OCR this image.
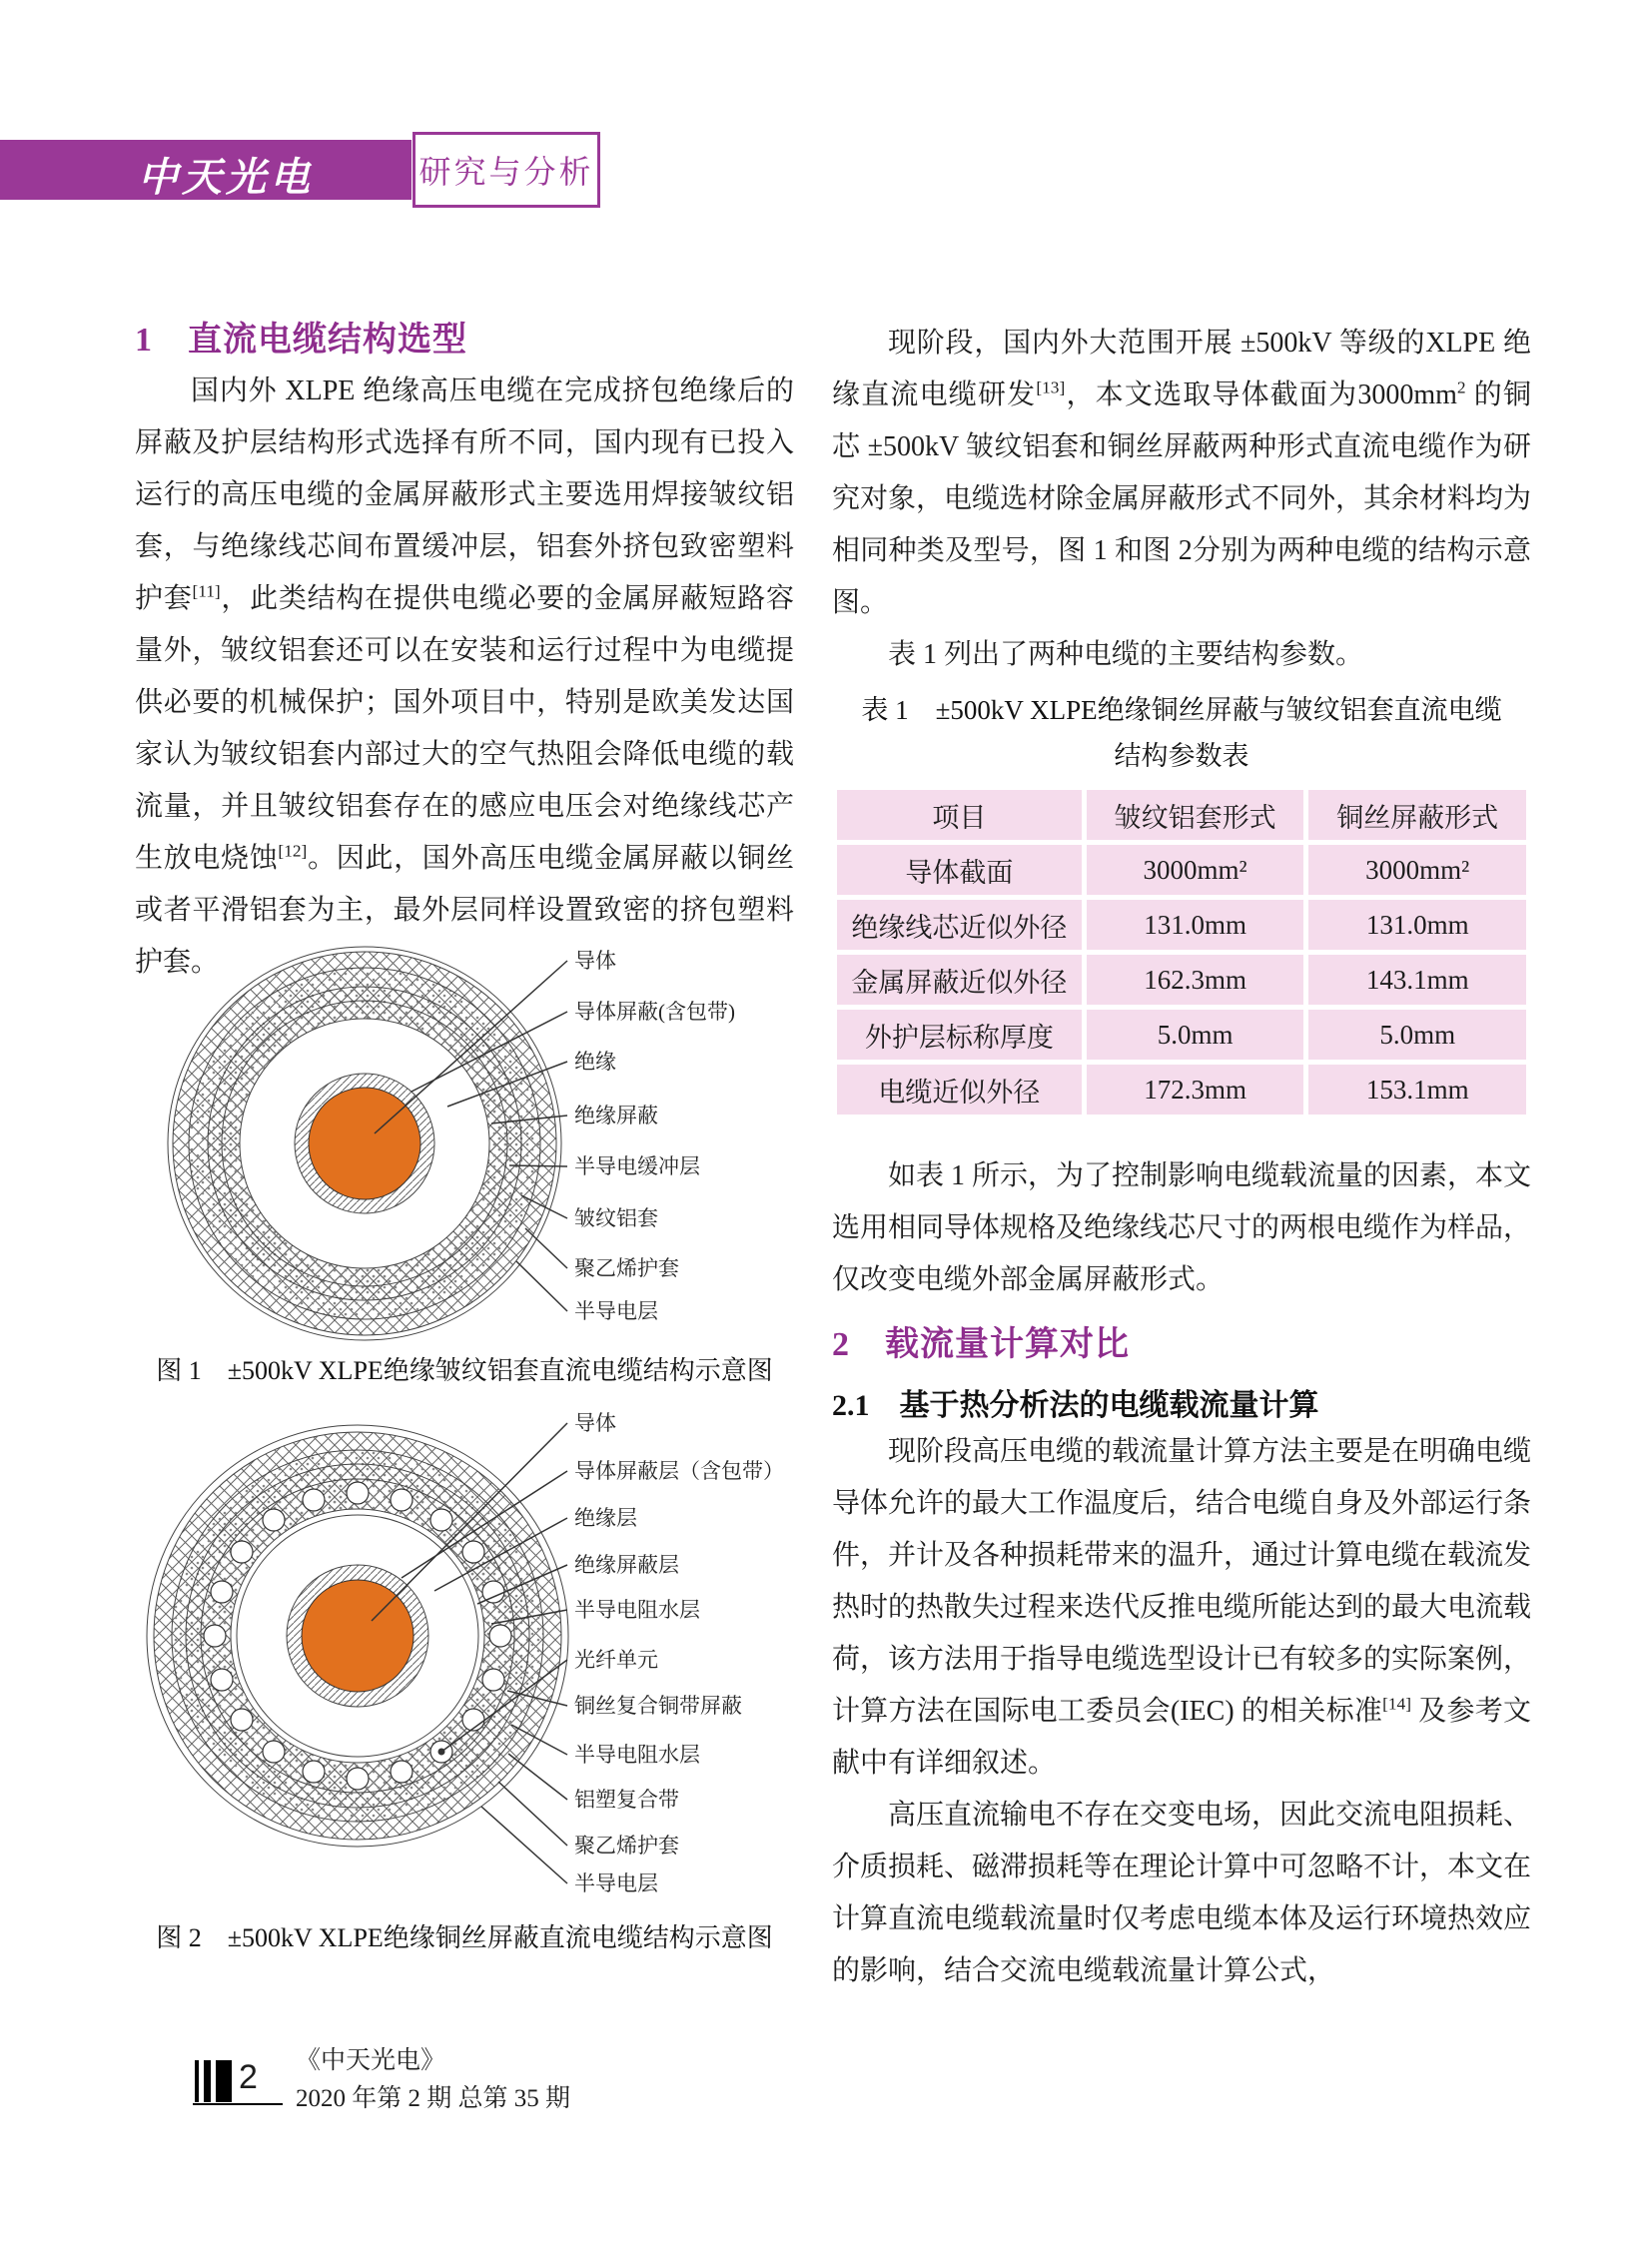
中天光电	研究与分析
1　直流电缆结构选型

国内外 XLPE 绝缘高压电缆在完成挤包绝缘后的屏蔽及护层结构形式选择有所不同，国内现有已投入运行的高压电缆的金属屏蔽形式主要选用焊接皱纹铝套，与绝缘线芯间布置缓冲层，铝套外挤包致密塑料护套[11]，此类结构在提供电缆必要的金属屏蔽短路容量外，皱纹铝套还可以在安装和运行过程中为电缆提供必要的机械保护；国外项目中，特别是欧美发达国家认为皱纹铝套内部过大的空气热阻会降低电缆的载流量，并且皱纹铝套存在的感应电压会对绝缘线芯产生放电烧蚀[12]。因此，国外高压电缆金属屏蔽以铜丝或者平滑铝套为主，最外层同样设置致密的挤包塑料护套。	导体
导体屏蔽(含包带)
绝缘
绝缘屏蔽
半导电缓冲层
皱纹铝套
聚乙烯护套
半导电层
图 1　±500kV XLPE绝缘皱纹铝套直流电缆结构示意图
导体
导体屏蔽层（含包带）
绝缘层
绝缘屏蔽层
半导电阻水层
光纤单元
铜丝复合铜带屏蔽
半导电阻水层
铝塑复合带
聚乙烯护套
半导电层
图 2　±500kV XLPE绝缘铜丝屏蔽直流电缆结构示意图

现阶段，国内外大范围开展 ±500kV 等级的XLPE 绝缘直流电缆研发[13]，本文选取导体截面为$3000mm^2$ 的铜芯 ±500kV 皱纹铝套和铜丝屏蔽两种形式直流电缆作为研究对象，电缆选材除金属屏蔽形式不同外，其余材料均为相同种类及型号，图 1 和图 2分别为两种电缆的结构示意图。

表 1 列出了两种电缆的主要结构参数。

表 1　±500kV XLPE绝缘铜丝屏蔽与皱纹铝套直流电缆
结构参数表
项目	皱纹铝套形式	铜丝屏蔽形式
导体截面	3000mm²	3000mm²
绝缘线芯近似外径	131.0mm	131.0mm
金属屏蔽近似外径	162.3mm	143.1mm
外护层标称厚度	5.0mm	5.0mm
电缆近似外径	172.3mm	153.1mm

如表 1 所示，为了控制影响电缆载流量的因素，本文选用相同导体规格及绝缘线芯尺寸的两根电缆作为样品，仅改变电缆外部金属屏蔽形式。

2　载流量计算对比
2.1　基于热分析法的电缆载流量计算

现阶段高压电缆的载流量计算方法主要是在明确电缆导体允许的最大工作温度后，结合电缆自身及外部运行条件，并计及各种损耗带来的温升，通过计算电缆在载流发热时的热散失过程来迭代反推电缆所能达到的最大电流载荷，该方法用于指导电缆选型设计已有较多的实际案例，计算方法在国际电工委员会(IEC) 的相关标准[14] 及参考文献中有详细叙述。

高压直流输电不存在交变电场，因此交流电阻损耗、介质损耗、磁滞损耗等在理论计算中可忽略不计，本文在计算直流电缆载流量时仅考虑电缆本体及运行环境热效应的影响，结合交流电缆载流量计算公式，

2 《中天光电》
2020 年第 2 期 总第 35 期
